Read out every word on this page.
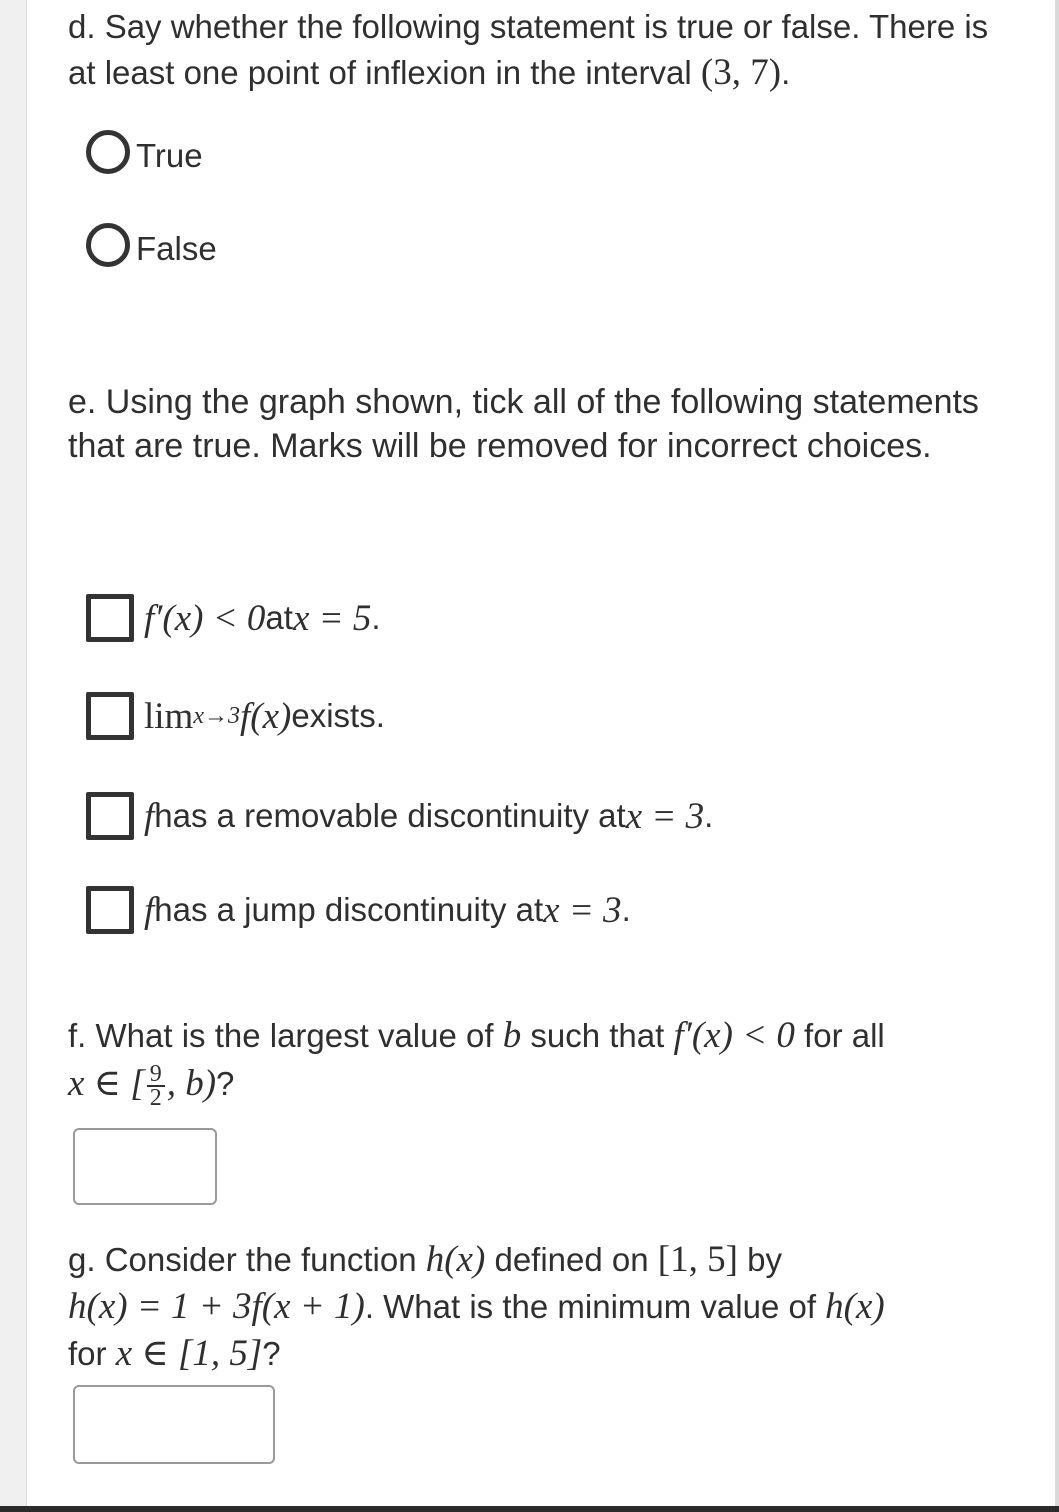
d. Say whether the following statement is true or false. There is at least one point of inflexion in the interval (3, 7).
True
False
e. Using the graph shown, tick all of the following statements that are true. Marks will be removed for incorrect choices.
f′(x) < 0 at x = 5 .
lim x→3 f(x) exists.
f has a removable discontinuity at x = 3 .
f has a jump discontinuity at x = 3 .
f. What is the largest value of b such that f′(x) < 0 for all
x ∈ [ $\frac{9}{2}$ , b)?
g. Consider the function h(x) defined on [1, 5] by
h(x) = 1 + 3f(x + 1). What is the minimum value of h(x)
for x ∈ [1, 5]?
